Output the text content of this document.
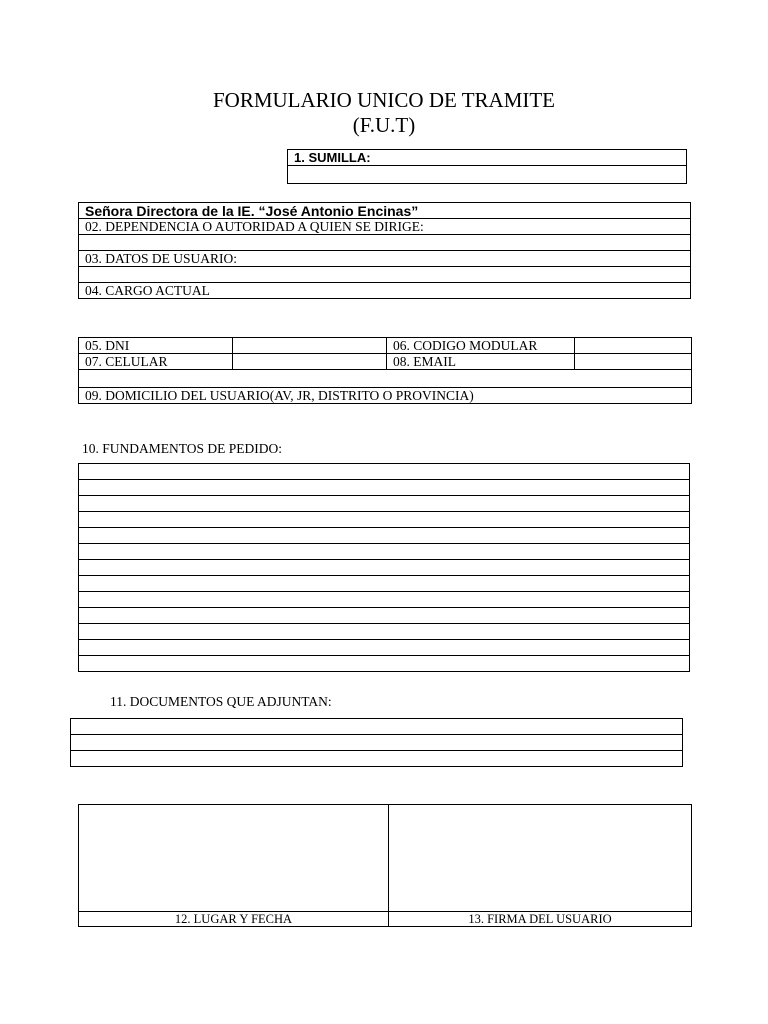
FORMULARIO UNICO DE TRAMITE
(F.U.T)
1. SUMILLA:

Señora Directora de la IE. “José Antonio Encinas”
02. DEPENDENCIA O AUTORIDAD A QUIEN SE DIRIGE:

03. DATOS DE USUARIO:

04. CARGO ACTUAL
05. DNI		06. CODIGO MODULAR	
07. CELULAR		08. EMAIL	

09. DOMICILIO DEL USUARIO(AV, JR, DISTRITO O PROVINCIA)			
10. FUNDAMENTOS DE PEDIDO:

11. DOCUMENTOS QUE ADJUNTAN:

12. LUGAR Y FECHA	13. FIRMA DEL USUARIO
